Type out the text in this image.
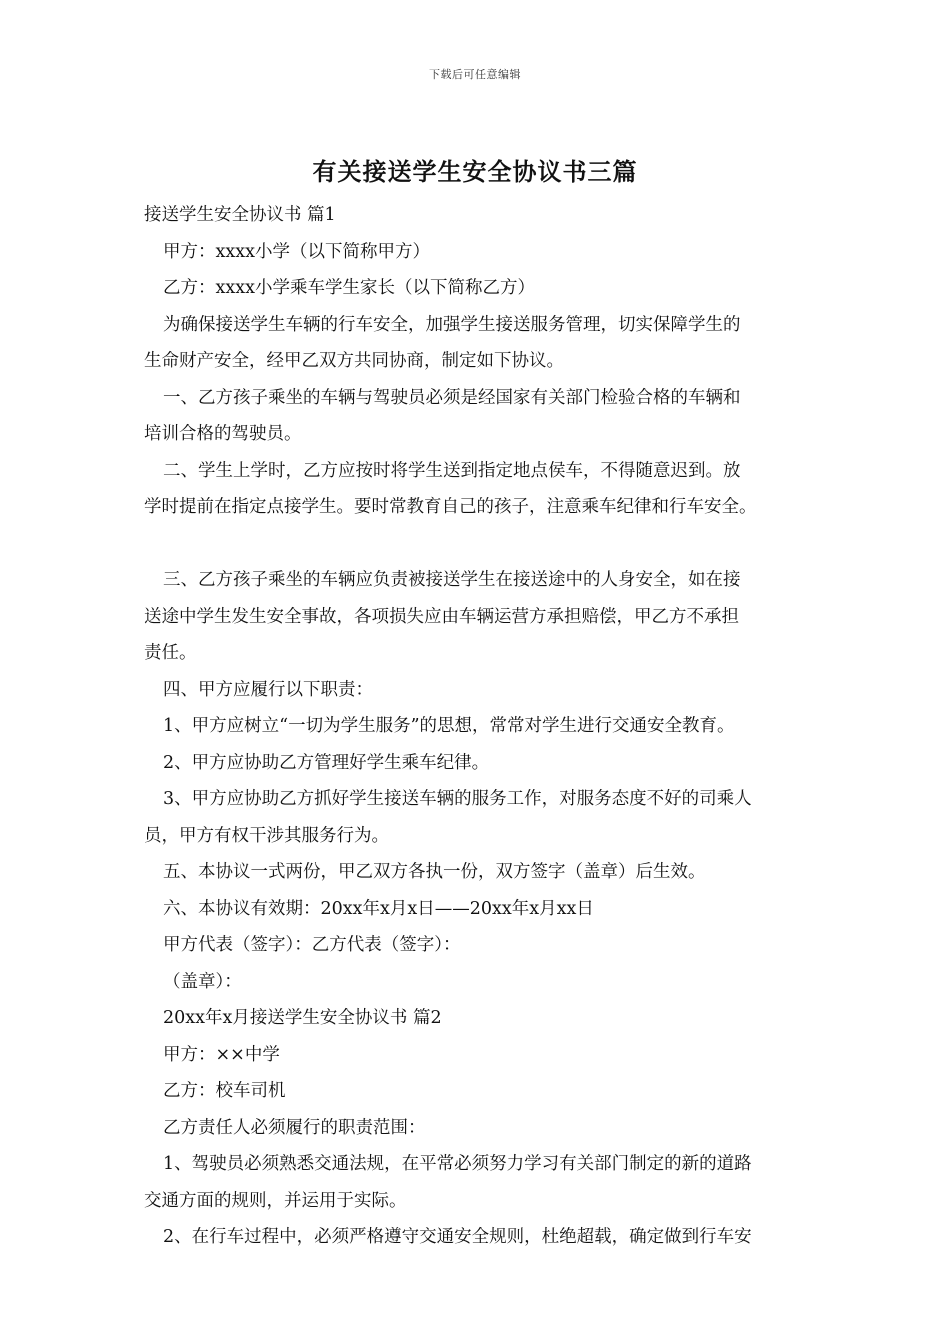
下载后可任意编辑
有关接送学生安全协议书三篇
接送学生安全协议书 篇1
甲方：xxxx小学（以下简称甲方）
乙方：xxxx小学乘车学生家长（以下简称乙方）
为确保接送学生车辆的行车安全，加强学生接送服务管理，切实保障学生的
生命财产安全，经甲乙双方共同协商，制定如下协议。
一、乙方孩子乘坐的车辆与驾驶员必须是经国家有关部门检验合格的车辆和
培训合格的驾驶员。
二、学生上学时，乙方应按时将学生送到指定地点侯车，不得随意迟到。放
学时提前在指定点接学生。要时常教育自己的孩子，注意乘车纪律和行车安全。
三、乙方孩子乘坐的车辆应负责被接送学生在接送途中的人身安全，如在接
送途中学生发生安全事故，各项损失应由车辆运营方承担赔偿，甲乙方不承担
责任。
四、甲方应履行以下职责：
1、甲方应树立“一切为学生服务”的思想，常常对学生进行交通安全教育。
2、甲方应协助乙方管理好学生乘车纪律。
3、甲方应协助乙方抓好学生接送车辆的服务工作，对服务态度不好的司乘人
员，甲方有权干涉其服务行为。
五、本协议一式两份，甲乙双方各执一份，双方签字（盖章）后生效。
六、本协议有效期：20xx年x月x日——20xx年x月xx日
甲方代表（签字）：乙方代表（签字）：
（盖章）：
20xx年x月接送学生安全协议书 篇2
甲方：××中学
乙方：校车司机
乙方责任人必须履行的职责范围：
1、驾驶员必须熟悉交通法规，在平常必须努力学习有关部门制定的新的道路
交通方面的规则，并运用于实际。
2、在行车过程中，必须严格遵守交通安全规则，杜绝超载，确定做到行车安
